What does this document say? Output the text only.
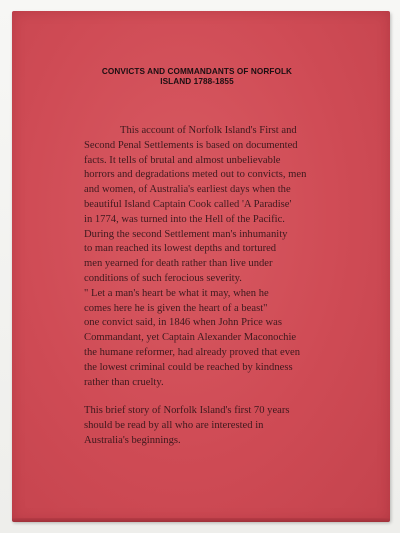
CONVICTS AND COMMANDANTS OF NORFOLK
ISLAND 1788-1855
This account of Norfolk Island's First and
Second Penal Settlements is based on documented
facts. It tells of brutal and almost unbelievable
horrors and degradations meted out to convicts, men
and women, of Australia's earliest days when the
beautiful Island Captain Cook called 'A Paradise'
in 1774, was turned into the Hell of the Pacific.
During the second Settlement man's inhumanity
to man reached its lowest depths and tortured
men yearned for death rather than live under
conditions of such ferocious severity.
" Let a man's heart be what it may, when he
comes here he is given the heart of a beast"
one convict said, in 1846 when John Price was
Commandant, yet Captain Alexander Maconochie
the humane reformer, had already proved that even
the lowest criminal could be reached by kindness
rather than cruelty.
This brief story of Norfolk Island's first 70 years
should be read by all who are interested in
Australia's beginnings.
